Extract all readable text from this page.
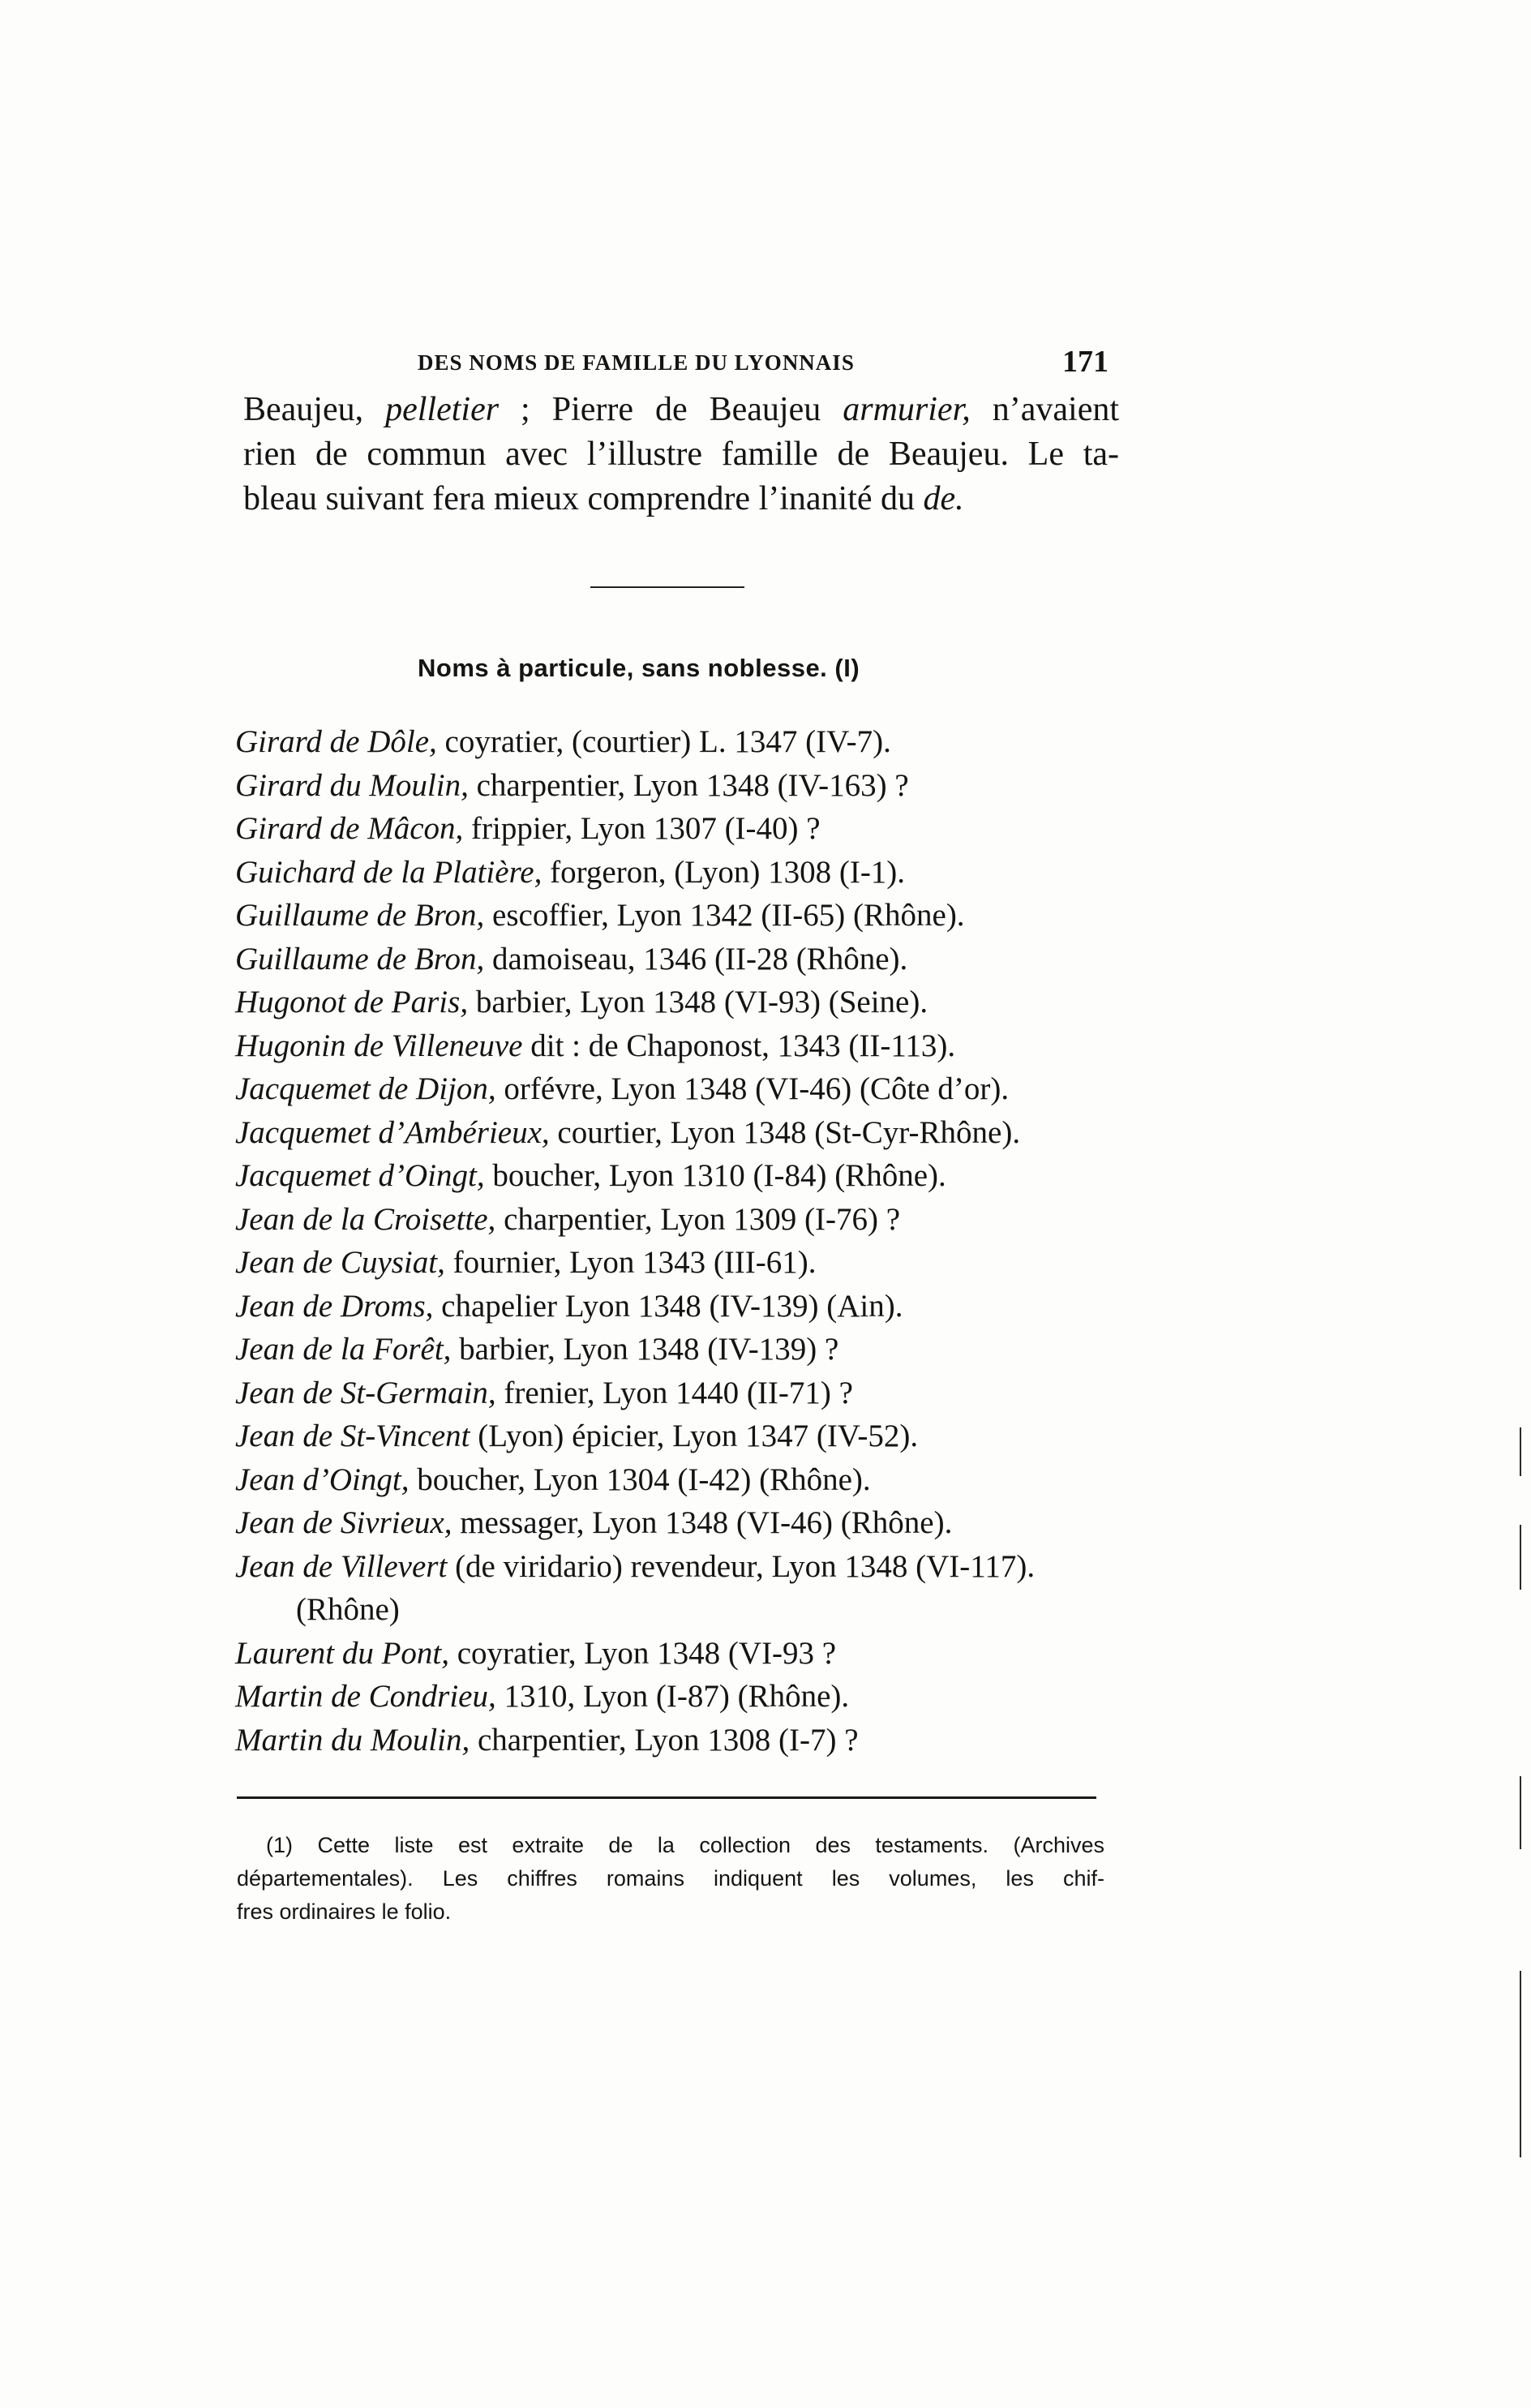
DES NOMS DE FAMILLE DU LYONNAIS	171
Beaujeu, pelletier ; Pierre de Beaujeu armurier, n’avaient
rien de commun avec l’illustre famille de Beaujeu. Le ta-
bleau suivant fera mieux comprendre l’inanité du de.
Noms à particule, sans noblesse. (I)
Girard de Dôle, coyratier, (courtier) L. 1347 (IV-7).
Girard du Moulin, charpentier, Lyon 1348 (IV-163) ?
Girard de Mâcon, frippier, Lyon 1307 (I-40) ?
Guichard de la Platière, forgeron, (Lyon) 1308 (I-1).
Guillaume de Bron, escoffier, Lyon 1342 (II-65) (Rhône).
Guillaume de Bron, damoiseau, 1346 (II-28 (Rhône).
Hugonot de Paris, barbier, Lyon 1348 (VI-93) (Seine).
Hugonin de Villeneuve dit : de Chaponost, 1343 (II-113).
Jacquemet de Dijon, orfévre, Lyon 1348 (VI-46) (Côte d’or).
Jacquemet d’Ambérieux, courtier, Lyon 1348 (St-Cyr-Rhône).
Jacquemet d’Oingt, boucher, Lyon 1310 (I-84) (Rhône).
Jean de la Croisette, charpentier, Lyon 1309 (I-76) ?
Jean de Cuysiat, fournier, Lyon 1343 (III-61).
Jean de Droms, chapelier Lyon 1348 (IV-139) (Ain).
Jean de la Forêt, barbier, Lyon 1348 (IV-139) ?
Jean de St-Germain, frenier, Lyon 1440 (II-71) ?
Jean de St-Vincent (Lyon) épicier, Lyon 1347 (IV-52).
Jean d’Oingt, boucher, Lyon 1304 (I-42) (Rhône).
Jean de Sivrieux, messager, Lyon 1348 (VI-46) (Rhône).
Jean de Villevert (de viridario) revendeur, Lyon 1348 (VI-117).
(Rhône)
Laurent du Pont, coyratier, Lyon 1348 (VI-93 ?
Martin de Condrieu, 1310, Lyon (I-87) (Rhône).
Martin du Moulin, charpentier, Lyon 1308 (I-7) ?
(1) Cette liste est extraite de la collection des testaments. (Archives
départementales). Les chiffres romains indiquent les volumes, les chif-
fres ordinaires le folio.
